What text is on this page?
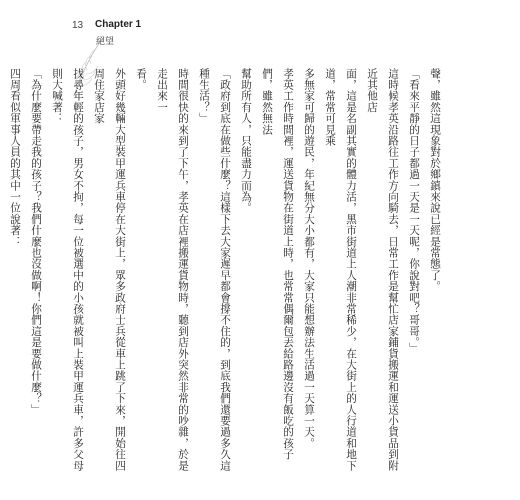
13 Chapter 1
絕望
聲，雖然這現象對於鄉鎮來說已經是常態了。
「看來平靜的日子都過一天是一天呢，你說對吧？哥哥。」
這時候孝英沿路往工作方向騎去，日常工作是幫忙店家鋪貨搬運和運送小貨品到附近其他店
面，這是名副其實的體力活，黑市街道上人潮非常稀少，在大街上的人行道和地下道，常常可見乘
多無家可歸的遊民，年紀無分大小都有，大家只能想辦法生活過一天算一天。
孝英工作時間裡，運送貨物在街道上時，也常常偶爾包丟給路邊沒有飯吃的孩子們，雖然無法
幫助所有人，只能盡力而為。
「政府到底在做些什麼？這樣下去大家遲早都會撐不住的，到底我們還要過多久這種生活？」
時間很快的來到了下午，孝英在店裡搬運貨物時，聽到店外突然非常的吵雜，於是走出來一
看。
外頭好幾輛大型裝甲運兵車停在大街上，眾多政府士兵從車上跳了下來，開始往四周住家店家
找尋年輕的孩子，男女不拘，每一位被選中的小孩就被叫上裝甲運兵車，許多父母則大喊著：
「為什麼要帶走我的孩子？我們什麼也沒做啊！你們這是要做什麼？」
四周看似軍事人員的其中一位說著：
